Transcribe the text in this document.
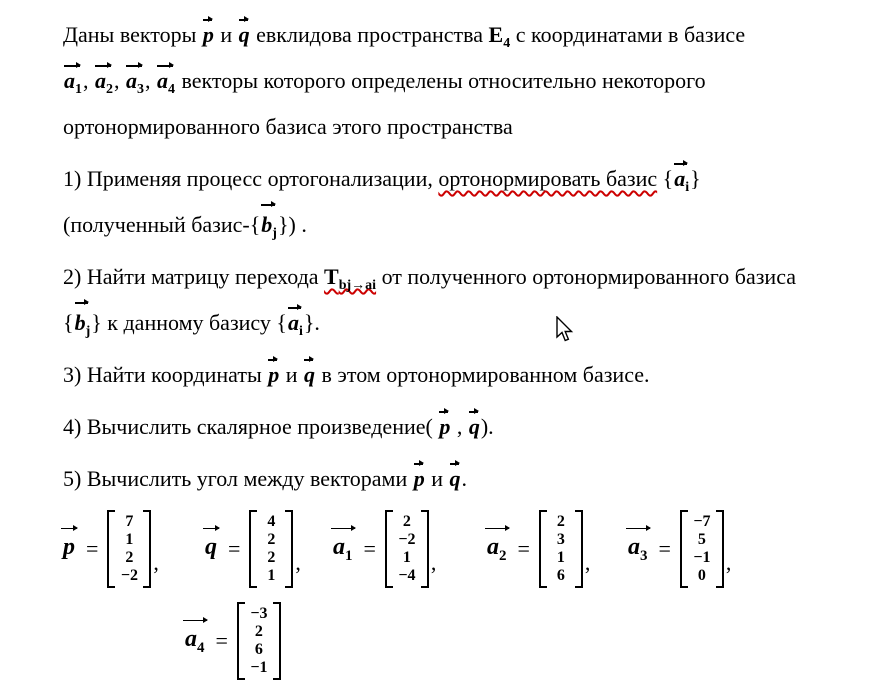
Даны векторы
p и
q евклидова пространства $E_4$ с координатами в базисе
$a_1$,
$a_2$,
$a_3$,
$a_4$ векторы которого определены относительно некоторого
ортонормированного базиса этого пространства
1) Применяя процесс ортогонализации, ортонормировать базис {
$a_i$}
(полученный базис-{
$b_j$}) .
2) Найти матрицу перехода $T_{bj\to ai}$ от полученного ортонормированного базиса
{
$b_j$} к данному базису {
$a_i$}.
3) Найти координаты
p и
q в этом ортонормированном базисе.
4) Вычислить скалярное произведение(
p ,
q).
5) Вычислить угол между векторами
p и
q.
p =
7
1
2
−2
,
q =
4
2
2
1
,
$a_1$ =
2
−2
1
−4
,
$a_2$ =
2
3
1
6
,
$a_3$ =
−7
5
−1
0
,
$a_4$ =
−3
2
6
−1
